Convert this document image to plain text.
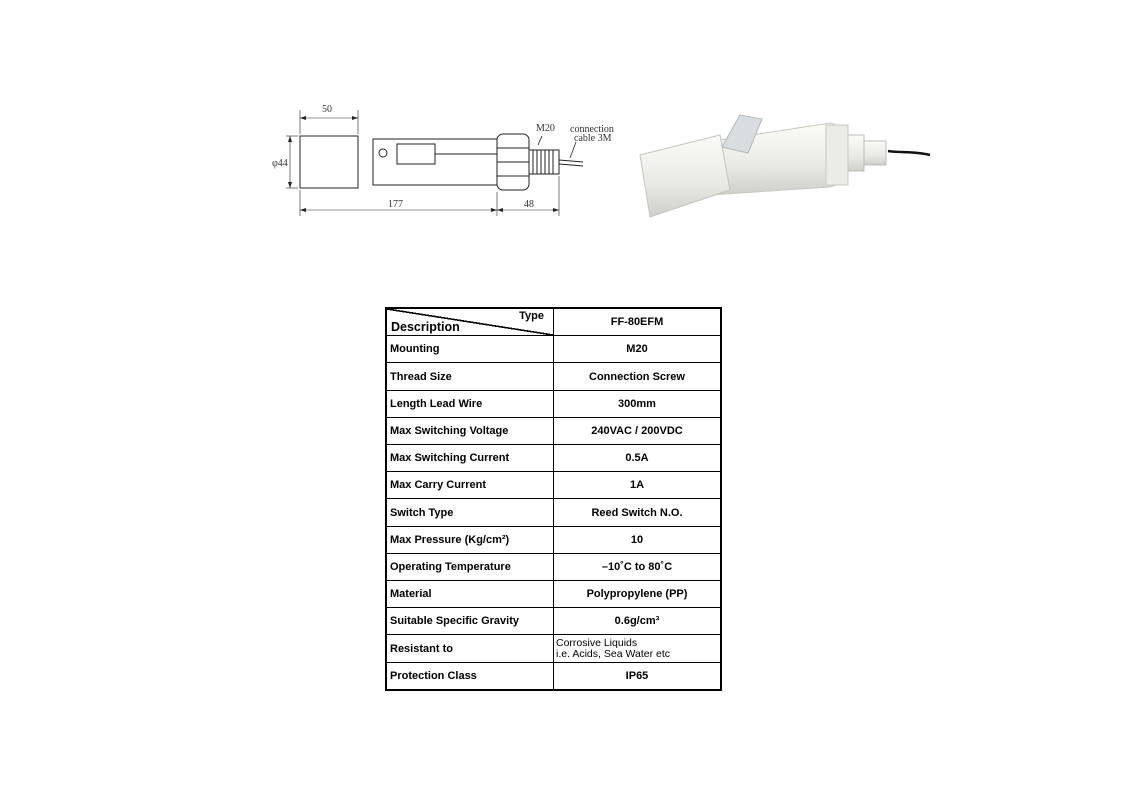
50
φ44
177	48
M20 connection
cable 3M
Type
Description	FF-80EFM
Mounting	M20
Thread Size	Connection Screw
Length Lead Wire	300mm
Max Switching Voltage	240VAC / 200VDC
Max Switching Current	0.5A
Max Carry Current	1A
Switch Type	Reed Switch N.O.
Max Pressure (Kg/cm²)	10
Operating Temperature	–10˚C to 80˚C
Material	Polypropylene (PP)
Suitable Specific Gravity	0.6g/cm³
Resistant to	Corrosive Liquids
i.e. Acids, Sea Water etc

Protection Class	IP65
